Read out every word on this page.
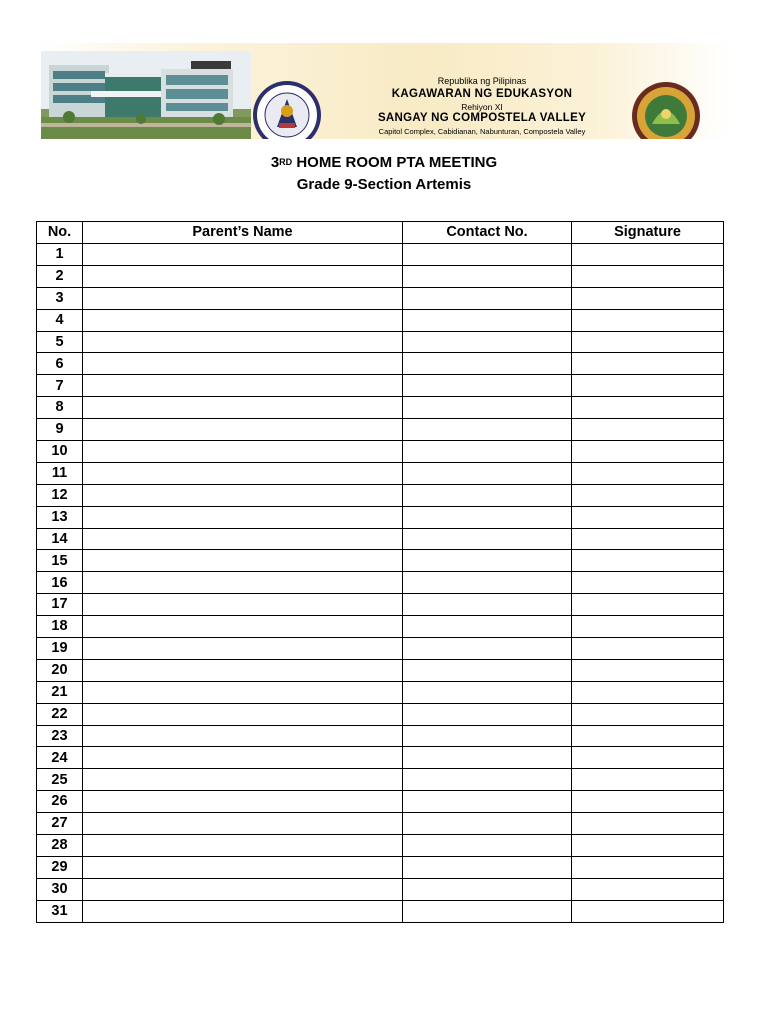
Republika ng Pilipinas
KAGAWARAN NG EDUKASYON
Rehiyon XI
SANGAY NG COMPOSTELA VALLEY
Capitol Complex, Cabidianan, Nabunturan, Compostela Valley
3RD HOME ROOM PTA MEETING
Grade 9-Section Artemis
No.	Parent’s Name	Contact No.	Signature
1			
2			
3			
4			
5			
6			
7			
8			
9			
10			
11			
12			
13			
14			
15			
16			
17			
18			
19			
20			
21			
22			
23			
24			
25			
26			
27			
28			
29			
30			
31			
